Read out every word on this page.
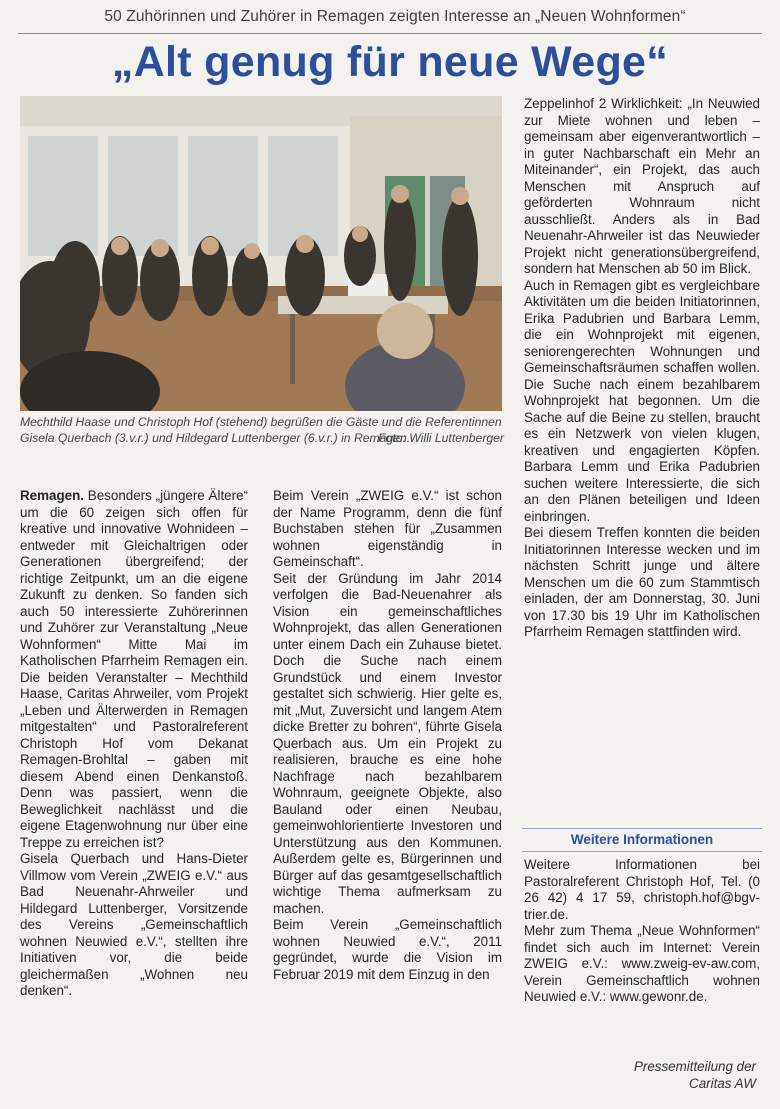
50 Zuhörinnen und Zuhörer in Remagen zeigten Interesse an „Neuen Wohnformen“
„Alt genug für neue Wege“
Mechthild Haase und Christoph Hof (stehend) begrüßen die Gäste und die Referentinnen Gisela Querbach (3.v.r.) und Hildegard Luttenberger (6.v.r.) in Remagen.
Foto: Willi Luttenberger

Remagen. Besonders „jüngere Ältere“ um die 60 zeigen sich offen für kreative und innovative Wohnideen – entweder mit Gleichaltrigen oder Generationen übergreifend; der richtige Zeitpunkt, um an die eigene Zukunft zu denken. So fanden sich auch 50 interessierte Zuhörerinnen und Zuhörer zur Veranstaltung „Neue Wohnformen“ Mitte Mai im Katholischen Pfarrheim Remagen ein. Die beiden Veranstalter – Mechthild Haase, Caritas Ahrweiler, vom Projekt „Leben und Älterwerden in Remagen mitgestalten“ und Pastoralreferent Christoph Hof vom Dekanat Remagen-Brohltal – gaben mit diesem Abend einen Denkanstoß. Denn was passiert, wenn die Beweglichkeit nachlässt und die eigene Etagenwohnung nur über eine Treppe zu erreichen ist?

Gisela Querbach und Hans-Dieter Villmow vom Verein „ZWEIG e.V.“ aus Bad Neuenahr-Ahrweiler und Hildegard Luttenberger, Vorsitzende des Vereins „Gemeinschaftlich wohnen Neuwied e.V.“, stellten ihre Initiativen vor, die beide gleichermaßen „Wohnen neu denken“.

Beim Verein „ZWEIG e.V.“ ist schon der Name Programm, denn die fünf Buchstaben stehen für „Zusammen wohnen eigenständig in Gemeinschaft“.

Seit der Gründung im Jahr 2014 verfolgen die Bad-Neuenahrer als Vision ein gemeinschaftliches Wohnprojekt, das allen Generationen unter einem Dach ein Zuhause bietet. Doch die Suche nach einem Grundstück und einem Investor gestaltet sich schwierig. Hier gelte es, mit „Mut, Zuversicht und langem Atem dicke Bretter zu bohren“, führte Gisela Querbach aus. Um ein Projekt zu realisieren, brauche es eine hohe Nachfrage nach bezahlbarem Wohnraum, geeignete Objekte, also Bauland oder einen Neubau, gemeinwohlorientierte Investoren und Unterstützung aus den Kommunen. Außerdem gelte es, Bürgerinnen und Bürger auf das gesamtgesellschaftlich wichtige Thema aufmerksam zu machen.

Beim Verein „Gemeinschaftlich wohnen Neuwied e.V.“, 2011 gegründet, wurde die Vision im Februar 2019 mit dem Einzug in den

Zeppelinhof 2 Wirklichkeit: „In Neuwied zur Miete wohnen und leben – gemeinsam aber eigenverantwortlich – in guter Nachbarschaft ein Mehr an Miteinander“, ein Projekt, das auch Menschen mit Anspruch auf geförderten Wohnraum nicht ausschließt. Anders als in Bad Neuenahr-Ahrweiler ist das Neuwieder Projekt nicht generationsübergreifend, sondern hat Menschen ab 50 im Blick.

Auch in Remagen gibt es vergleichbare Aktivitäten um die beiden Initiatorinnen, Erika Padubrien und Barbara Lemm, die ein Wohnprojekt mit eigenen, seniorengerechten Wohnungen und Gemeinschaftsräumen schaffen wollen. Die Suche nach einem bezahlbarem Wohnprojekt hat begonnen. Um die Sache auf die Beine zu stellen, braucht es ein Netzwerk von vielen klugen, kreativen und engagierten Köpfen. Barbara Lemm und Erika Padubrien suchen weitere Interessierte, die sich an den Plänen beteiligen und Ideen einbringen.

Bei diesem Treffen konnten die beiden Initiatorinnen Interesse wecken und im nächsten Schritt junge und ältere Menschen um die 60 zum Stammtisch einladen, der am Donnerstag, 30. Juni von 17.30 bis 19 Uhr im Katholischen Pfarrheim Remagen stattfinden wird.

Weitere Informationen

Weitere Informationen bei Pastoralreferent Christoph Hof, Tel. (0 26 42) 4 17 59, christoph.hof@bgv-trier.de.

Mehr zum Thema „Neue Wohnformen“ findet sich auch im Internet: Verein ZWEIG e.V.: www.zweig-ev-aw.com, Verein Gemeinschaftlich wohnen Neuwied e.V.: www.gewonr.de.

Pressemitteilung der
Caritas AW
